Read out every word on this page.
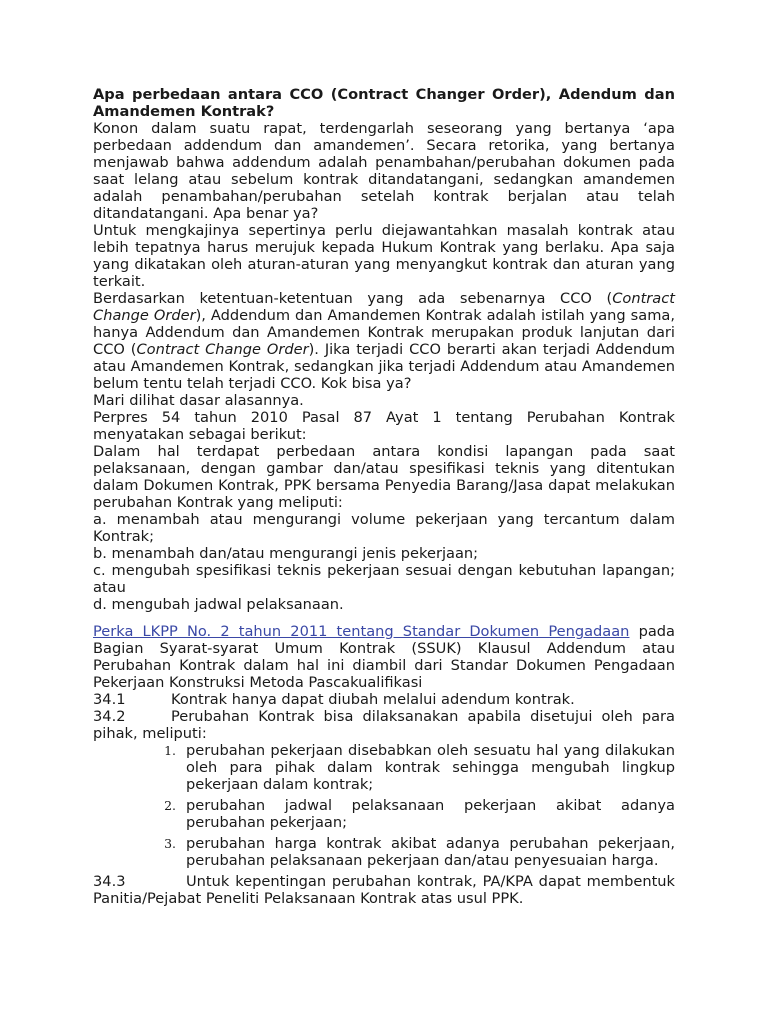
Apa perbedaan antara CCO (Contract Changer Order), Adendum dan Amandemen Kontrak?

Konon dalam suatu rapat, terdengarlah seseorang yang bertanya ‘apa perbedaan addendum dan amandemen’. Secara retorika, yang bertanya menjawab bahwa addendum adalah penambahan/perubahan dokumen pada saat lelang atau sebelum kontrak ditandatangani, sedangkan amandemen adalah penambahan/perubahan setelah kontrak berjalan atau telah ditandatangani. Apa benar ya?

Untuk mengkajinya sepertinya perlu diejawantahkan masalah kontrak atau lebih tepatnya harus merujuk kepada Hukum Kontrak yang berlaku. Apa saja yang dikatakan oleh aturan-aturan yang menyangkut kontrak dan aturan yang terkait.

Berdasarkan ketentuan-ketentuan yang ada sebenarnya CCO (Contract Change Order), Addendum dan Amandemen Kontrak adalah istilah yang sama, hanya Addendum dan Amandemen Kontrak merupakan produk lanjutan dari CCO (Contract Change Order). Jika terjadi CCO berarti akan terjadi Addendum atau Amandemen Kontrak, sedangkan jika terjadi Addendum atau Amandemen belum tentu telah terjadi CCO. Kok bisa ya?

Mari dilihat dasar alasannya.

Perpres 54 tahun 2010 Pasal 87 Ayat 1 tentang Perubahan Kontrak menyatakan sebagai berikut:

Dalam hal terdapat perbedaan antara kondisi lapangan pada saat pelaksanaan, dengan gambar dan/atau spesifikasi teknis yang ditentukan dalam Dokumen Kontrak, PPK bersama Penyedia Barang/Jasa dapat melakukan perubahan Kontrak yang meliputi:

a. menambah atau mengurangi volume pekerjaan yang tercantum dalam Kontrak;

b. menambah dan/atau mengurangi jenis pekerjaan;

c. mengubah spesifikasi teknis pekerjaan sesuai dengan kebutuhan lapangan; atau

d. mengubah jadwal pelaksanaan.

Perka LKPP No. 2 tahun 2011 tentang Standar Dokumen Pengadaan pada Bagian Syarat-syarat Umum Kontrak (SSUK) Klausul Addendum atau Perubahan Kontrak dalam hal ini diambil dari Standar Dokumen Pengadaan Pekerjaan Konstruksi Metoda Pascakualifikasi

34.1	Kontrak hanya dapat diubah melalui adendum kontrak.

34.2	Perubahan Kontrak bisa dilaksanakan apabila disetujui oleh para pihak, meliputi:

1. perubahan pekerjaan disebabkan oleh sesuatu hal yang dilakukan oleh para pihak dalam kontrak sehingga mengubah lingkup pekerjaan dalam kontrak;
2. perubahan jadwal pelaksanaan pekerjaan akibat adanya perubahan pekerjaan;
3. perubahan harga kontrak akibat adanya perubahan pekerjaan, perubahan pelaksanaan pekerjaan dan/atau penyesuaian harga.

34.3	Untuk kepentingan perubahan kontrak, PA/KPA dapat membentuk Panitia/Pejabat Peneliti Pelaksanaan Kontrak atas usul PPK.
